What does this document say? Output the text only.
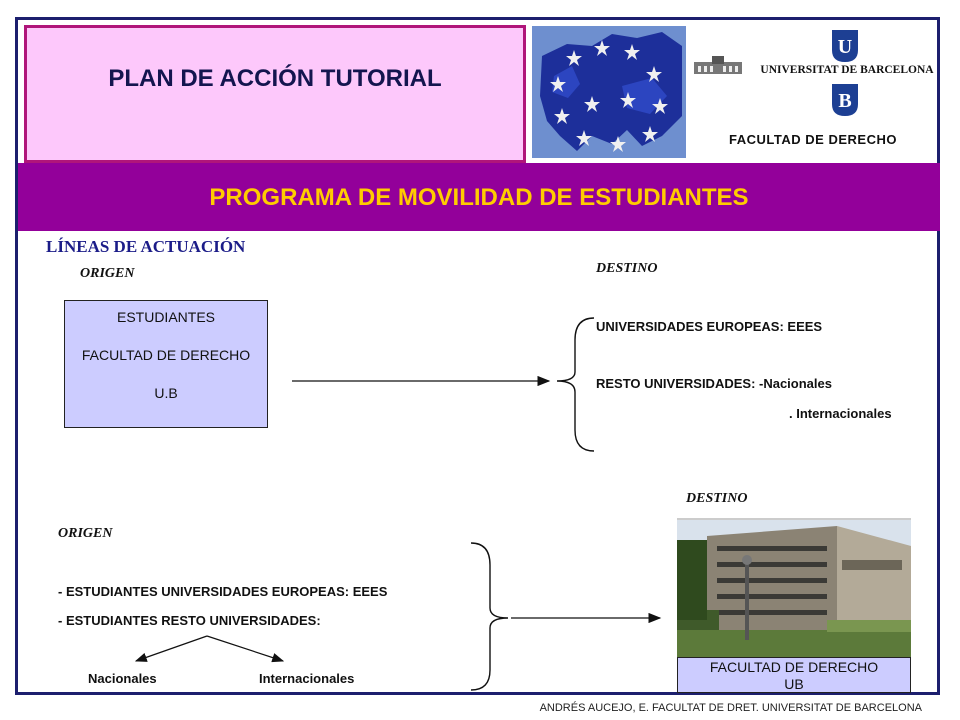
PLAN DE ACCIÓN TUTORIAL
U
UNIVERSITAT DE BARCELONA
B
FACULTAD DE DERECHO
PROGRAMA DE MOVILIDAD DE ESTUDIANTES
LÍNEAS DE ACTUACIÓN
ORIGEN
ESTUDIANTES
FACULTAD DE DERECHO
U.B
DESTINO
UNIVERSIDADES EUROPEAS: EEES
RESTO UNIVERSIDADES: -Nacionales
. Internacionales
ORIGEN
- ESTUDIANTES UNIVERSIDADES EUROPEAS: EEES
- ESTUDIANTES RESTO UNIVERSIDADES:
Nacionales	Internacionales
DESTINO
FACULTAD DE DERECHO
UB
ANDRÉS AUCEJO, E. FACULTAT DE DRET. UNIVERSITAT DE BARCELONA
